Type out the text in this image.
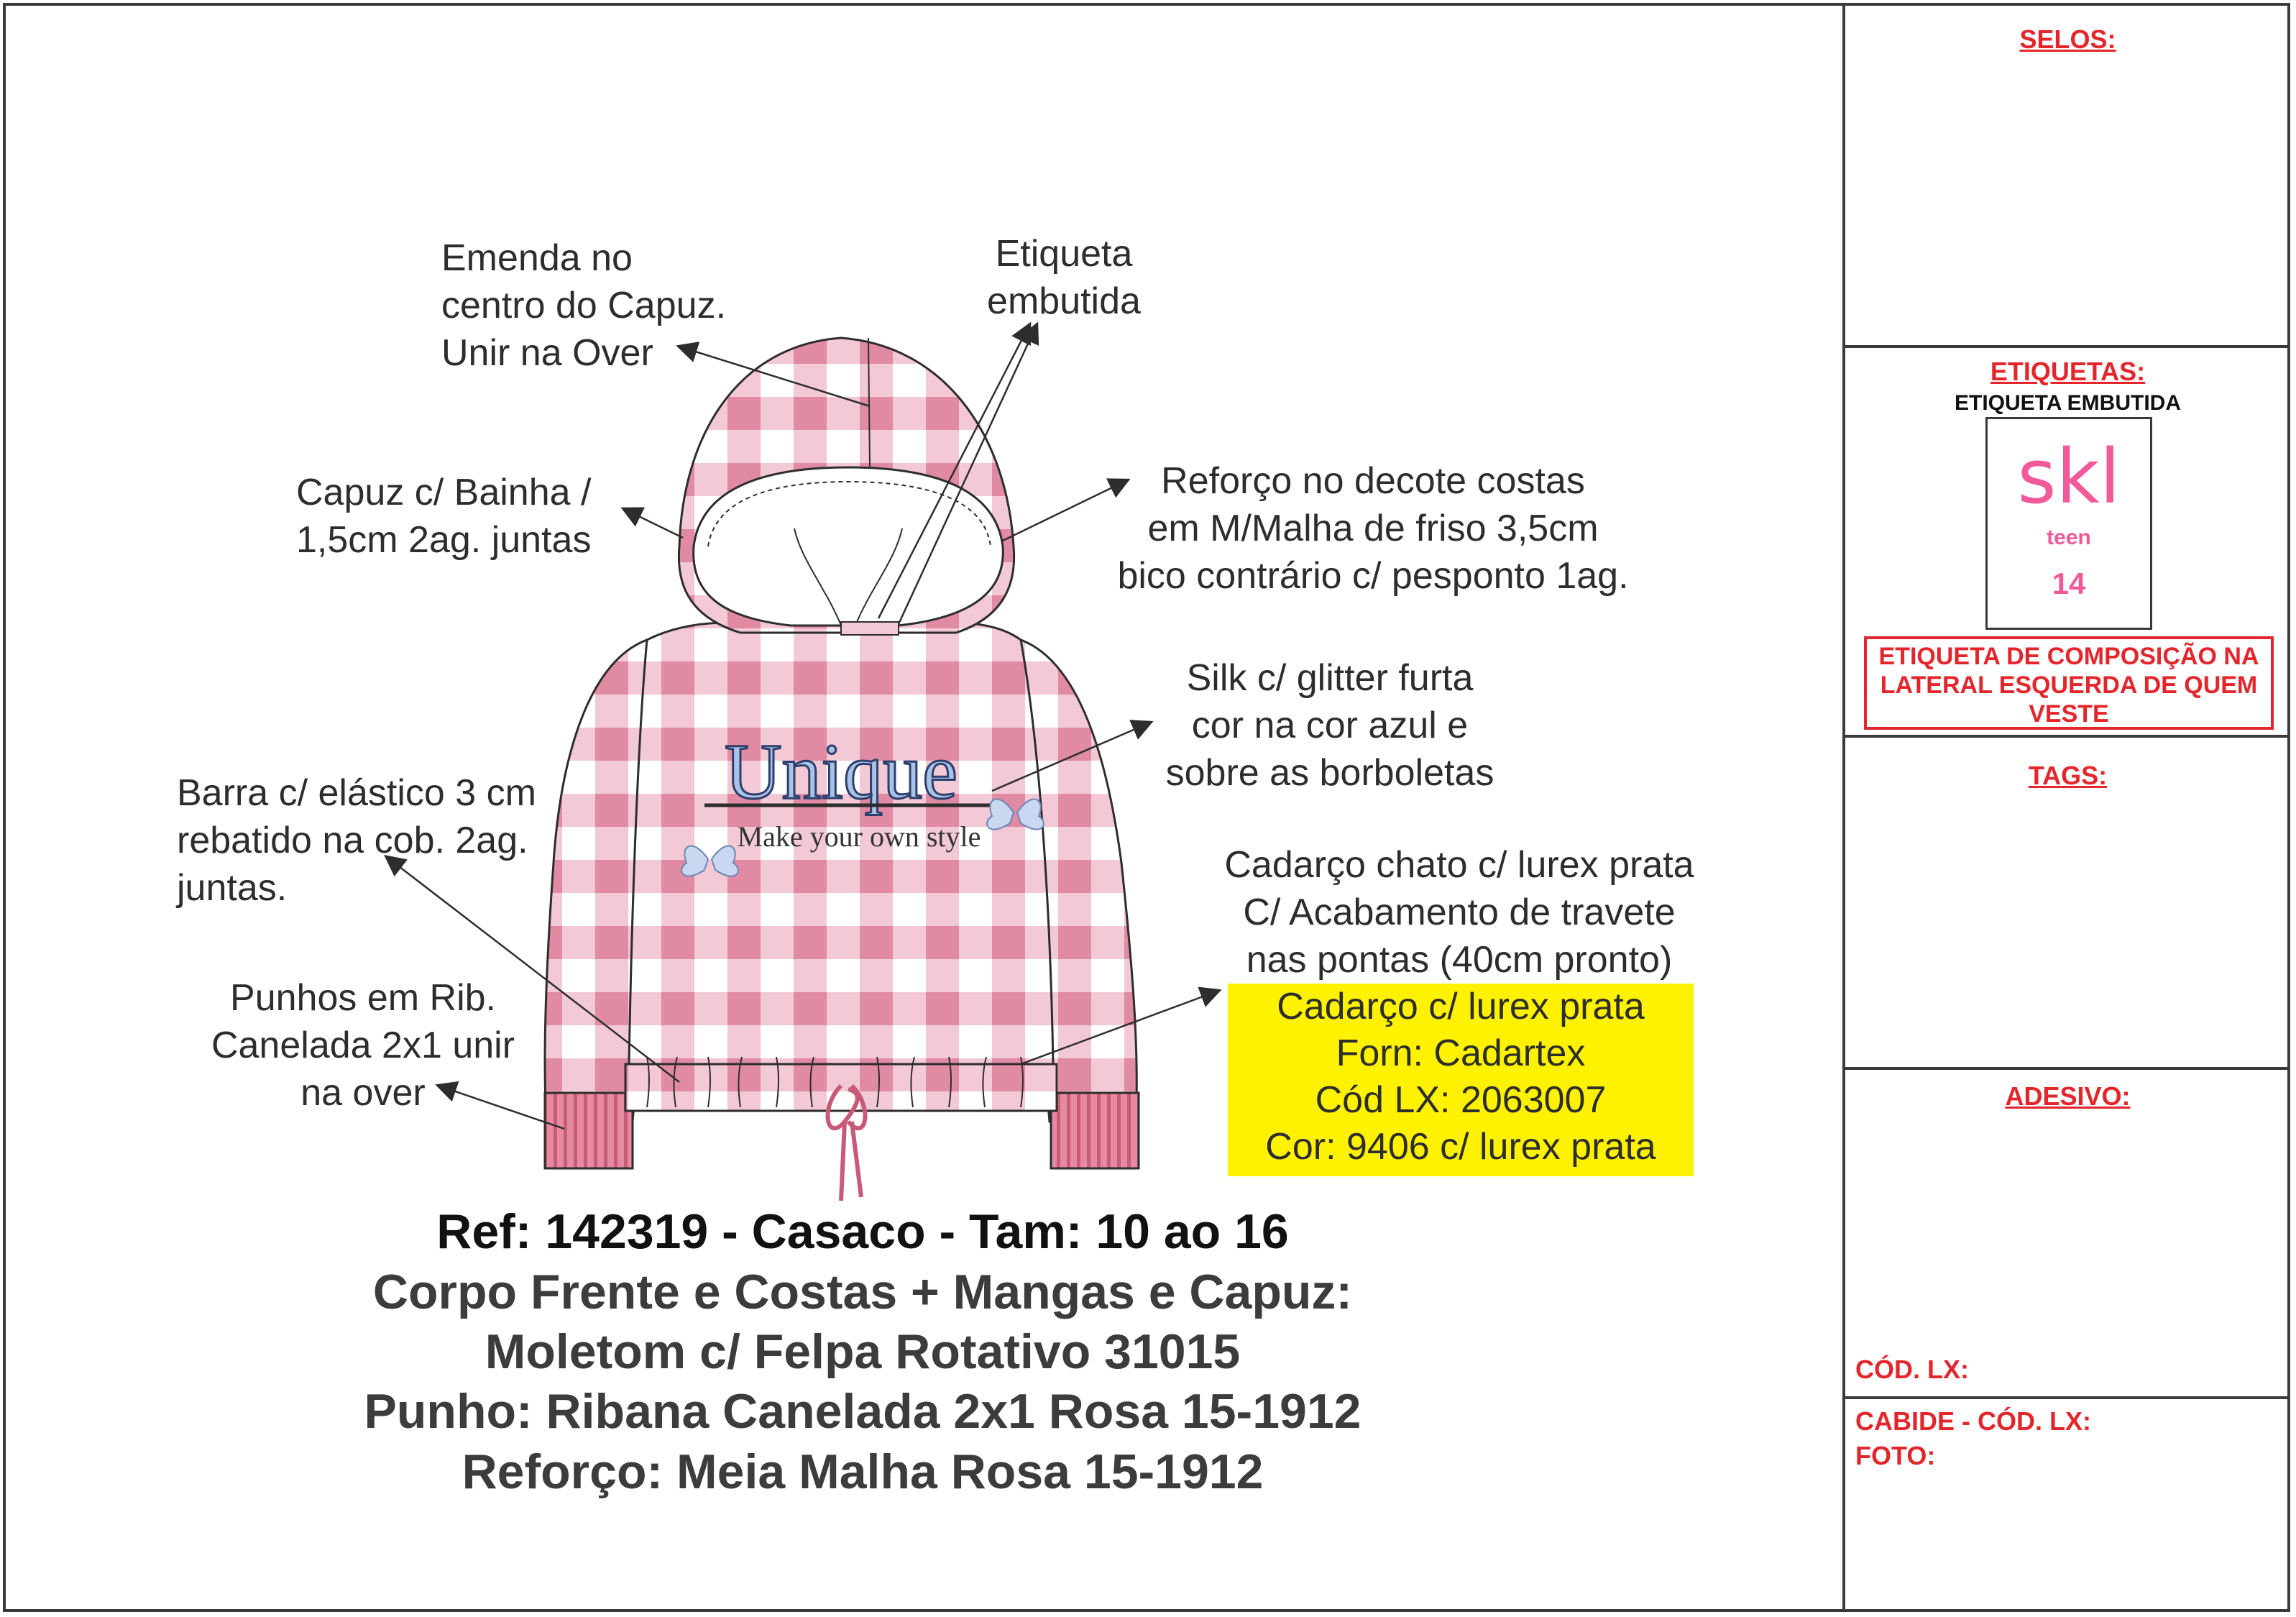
Unique
Make your own style
Emenda no
centro do Capuz.
Unir na Over
Etiqueta
embutida
Capuz c/ Bainha /
1,5cm 2ag. juntas
Reforço no decote costas
em M/Malha de friso 3,5cm
bico contrário c/ pesponto 1ag.
Silk c/ glitter furta
cor na cor azul e
sobre as borboletas
Barra c/ elástico 3 cm
rebatido na cob. 2ag.
juntas.
Cadarço chato c/ lurex prata
C/ Acabamento de travete
nas pontas (40cm pronto)
Punhos em Rib.
Canelada 2x1 unir
na over
Cadarço c/ lurex prata
Forn: Cadartex
Cód LX: 2063007
Cor: 9406 c/ lurex prata
Ref: 142319 - Casaco - Tam: 10 ao 16
Corpo Frente e Costas + Mangas e Capuz:
Moletom c/ Felpa Rotativo 31015
Punho: Ribana Canelada 2x1 Rosa 15-1912
Reforço: Meia Malha Rosa 15-1912
SELOS:
ETIQUETAS:
ETIQUETA EMBUTIDA
TAGS:
ADESIVO:
CÓD. LX:
CABIDE - CÓD. LX:
FOTO:
skl
teen
14
ETIQUETA DE COMPOSIÇÃO NA LATERAL ESQUERDA DE QUEM VESTE
